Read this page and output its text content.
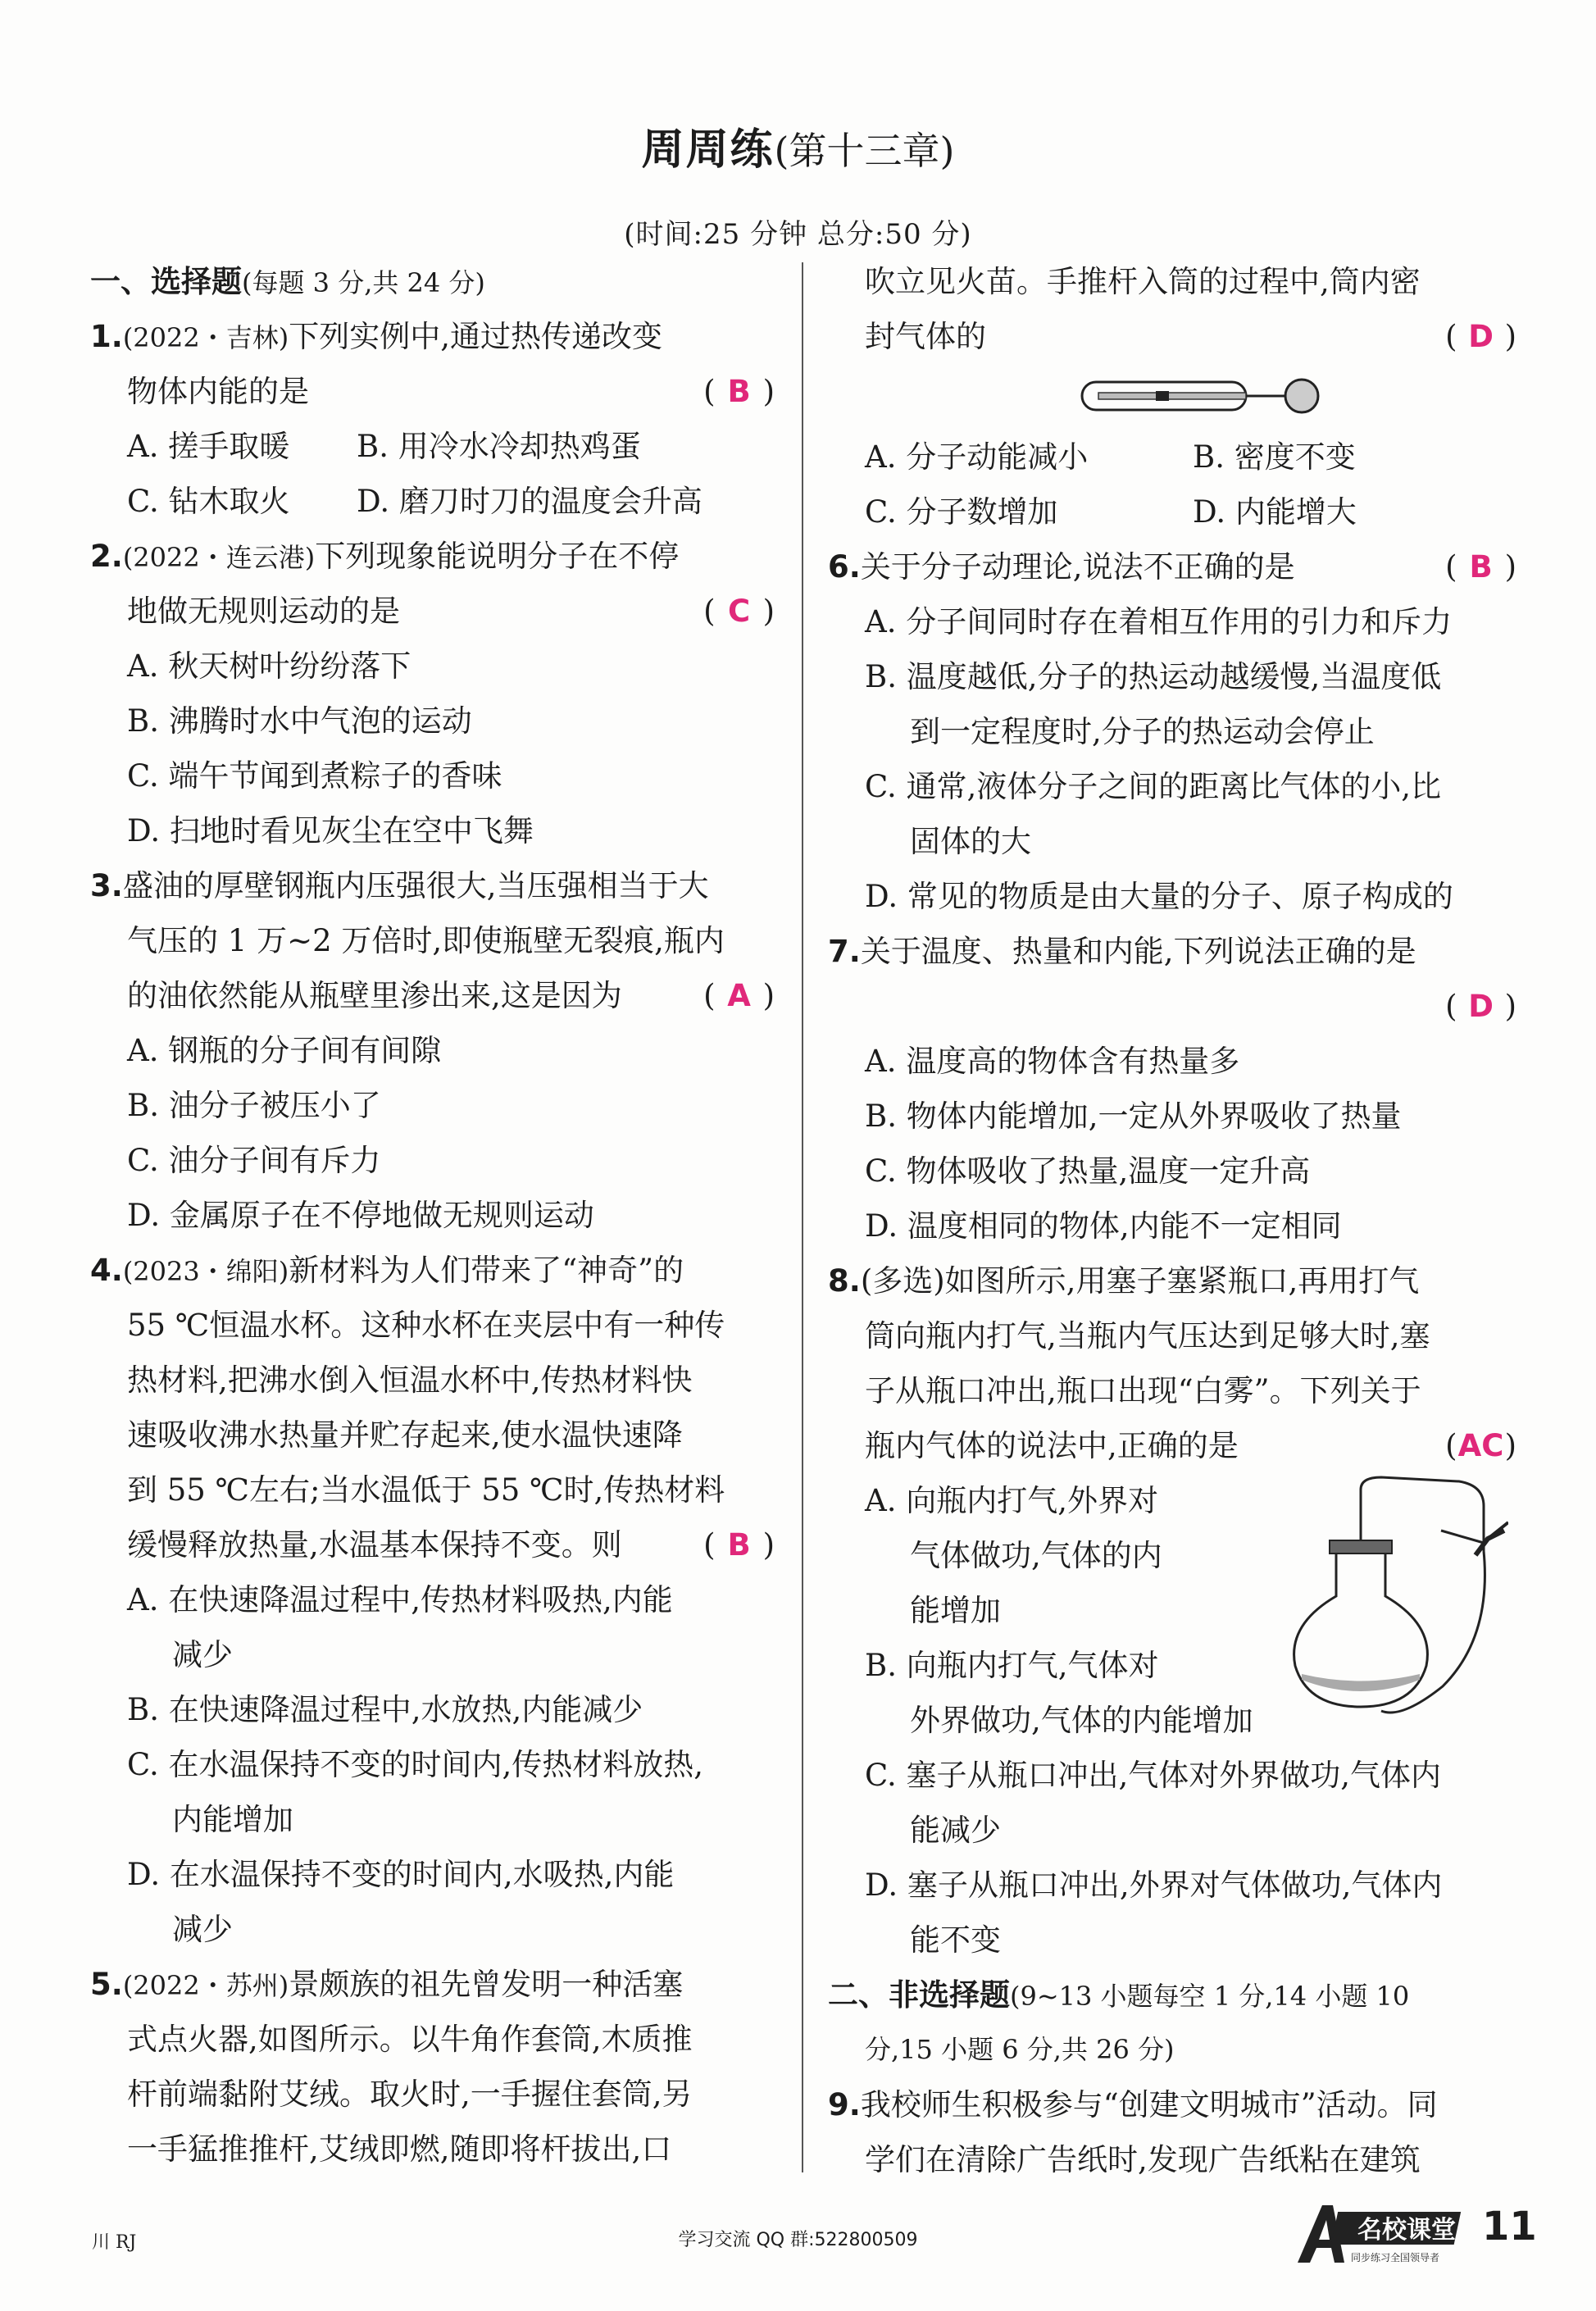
周周练(第十三章)
(时间:25 分钟 总分:50 分)
一、选择题(每题 3 分,共 24 分)
1.(2022・吉林)下列实例中,通过热传递改变
物体内能的是	( B )
A. 搓手取暖	B. 用冷水冷却热鸡蛋
C. 钻木取火	D. 磨刀时刀的温度会升高
2.(2022・连云港)下列现象能说明分子在不停
地做无规则运动的是	( C )
A. 秋天树叶纷纷落下
B. 沸腾时水中气泡的运动
C. 端午节闻到煮粽子的香味
D. 扫地时看见灰尘在空中飞舞
3.盛油的厚壁钢瓶内压强很大,当压强相当于大
气压的 1 万~2 万倍时,即使瓶壁无裂痕,瓶内
的油依然能从瓶壁里渗出来,这是因为	( A )
A. 钢瓶的分子间有间隙
B. 油分子被压小了
C. 油分子间有斥力
D. 金属原子在不停地做无规则运动
4.(2023・绵阳)新材料为人们带来了“神奇”的
55 ℃恒温水杯。这种水杯在夹层中有一种传
热材料,把沸水倒入恒温水杯中,传热材料快
速吸收沸水热量并贮存起来,使水温快速降
到 55 ℃左右;当水温低于 55 ℃时,传热材料
缓慢释放热量,水温基本保持不变。则	( B )
A. 在快速降温过程中,传热材料吸热,内能
减少
B. 在快速降温过程中,水放热,内能减少
C. 在水温保持不变的时间内,传热材料放热,
内能增加
D. 在水温保持不变的时间内,水吸热,内能
减少
5.(2022・苏州)景颇族的祖先曾发明一种活塞
式点火器,如图所示。以牛角作套筒,木质推
杆前端黏附艾绒。取火时,一手握住套筒,另
一手猛推推杆,艾绒即燃,随即将杆拔出,口
吹立见火苗。手推杆入筒的过程中,筒内密
封气体的	( D )
A. 分子动能减小	B. 密度不变
C. 分子数增加	D. 内能增大
6.关于分子动理论,说法不正确的是	( B )
A. 分子间同时存在着相互作用的引力和斥力
B. 温度越低,分子的热运动越缓慢,当温度低
到一定程度时,分子的热运动会停止
C. 通常,液体分子之间的距离比气体的小,比
固体的大
D. 常见的物质是由大量的分子、原子构成的
7.关于温度、热量和内能,下列说法正确的是
( D )
A. 温度高的物体含有热量多
B. 物体内能增加,一定从外界吸收了热量
C. 物体吸收了热量,温度一定升高
D. 温度相同的物体,内能不一定相同
8.(多选)如图所示,用塞子塞紧瓶口,再用打气
筒向瓶内打气,当瓶内气压达到足够大时,塞
子从瓶口冲出,瓶口出现“白雾”。下列关于
瓶内气体的说法中,正确的是	(AC)
A. 向瓶内打气,外界对
气体做功,气体的内
能增加
B. 向瓶内打气,气体对
外界做功,气体的内能增加
C. 塞子从瓶口冲出,气体对外界做功,气体内
能减少
D. 塞子从瓶口冲出,外界对气体做功,气体内
能不变
二、非选择题(9~13 小题每空 1 分,14 小题 10
分,15 小题 6 分,共 26 分)
9.我校师生积极参与“创建文明城市”活动。同
学们在清除广告纸时,发现广告纸粘在建筑
川 RJ	学习交流 QQ 群:522800509	名校课堂
同步练习全国领导者
11
